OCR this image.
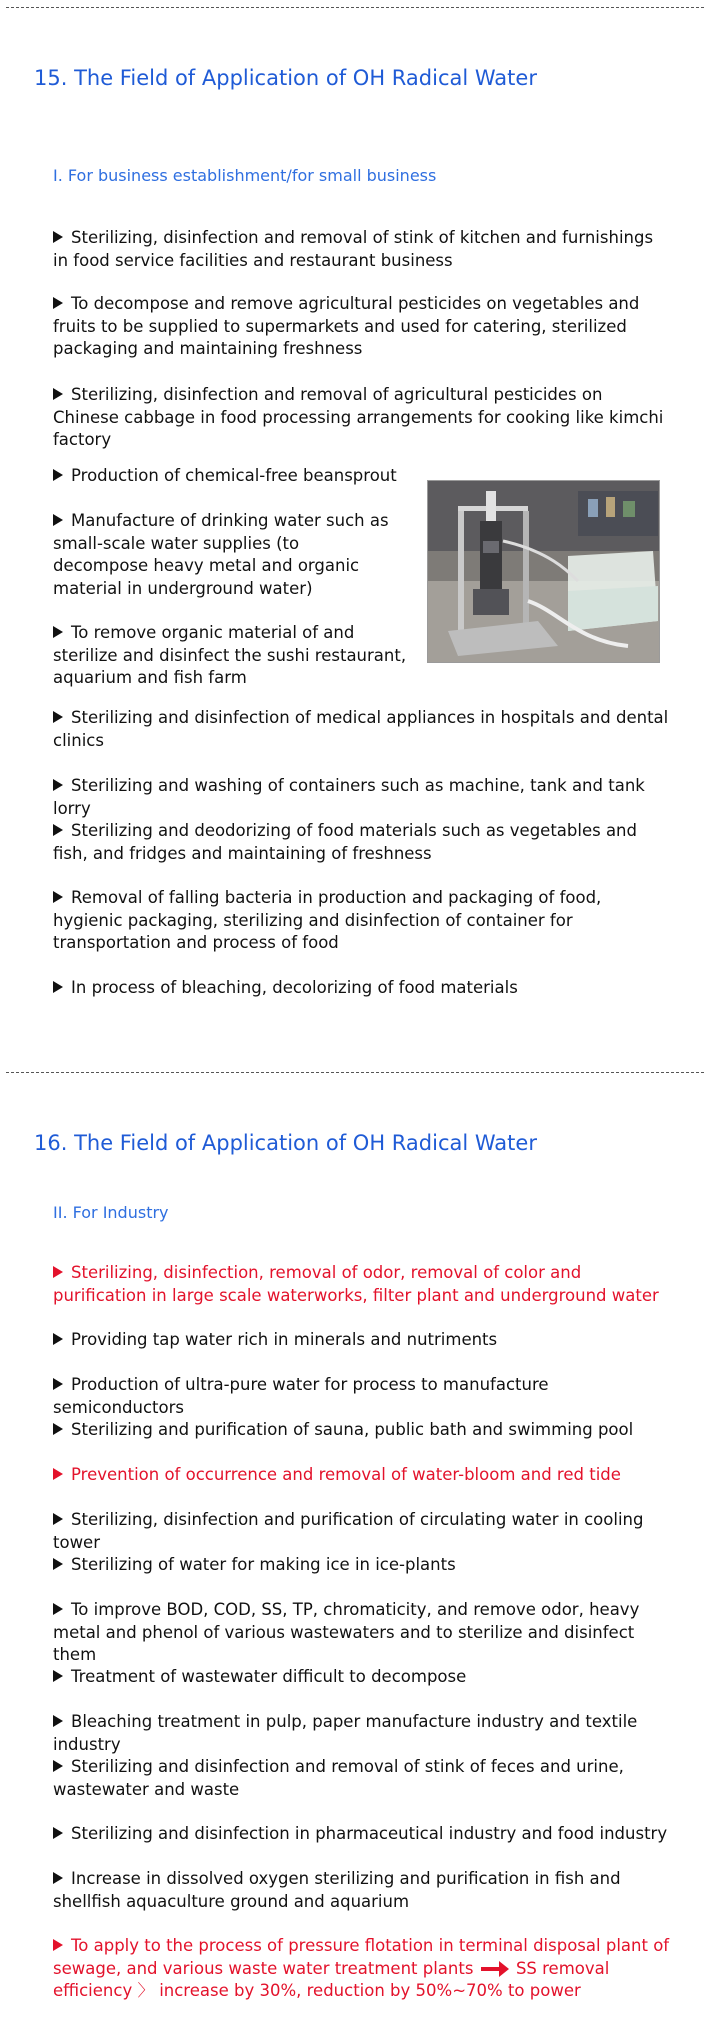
15. The Field of Application of OH Radical Water
I. For business establishment/for small business
Sterilizing, disinfection and removal of stink of kitchen and furnishings in food service facilities and restaurant business
To decompose and remove agricultural pesticides on vegetables and fruits to be supplied to supermarkets and used for catering, sterilized packaging and maintaining freshness
Sterilizing, disinfection and removal of agricultural pesticides on Chinese cabbage in food processing arrangements for cooking like kimchi factory
Production of chemical-free beansprout
Manufacture of drinking water such as small-scale water supplies (to decompose heavy metal and organic material in underground water)
To remove organic material of and sterilize and disinfect the sushi restaurant, aquarium and fish farm
Sterilizing and disinfection of medical appliances in hospitals and dental clinics
Sterilizing and washing of containers such as machine, tank and tank lorry
Sterilizing and deodorizing of food materials such as vegetables and fish, and fridges and maintaining of freshness
Removal of falling bacteria in production and packaging of food, hygienic packaging, sterilizing and disinfection of container for transportation and process of food
In process of bleaching, decolorizing of food materials
16. The Field of Application of OH Radical Water
II. For Industry
Sterilizing, disinfection, removal of odor, removal of color and purification in large scale waterworks, filter plant and underground water
Providing tap water rich in minerals and nutriments
Production of ultra-pure water for process to manufacture semiconductors
Sterilizing and purification of sauna, public bath and swimming pool
Prevention of occurrence and removal of water-bloom and red tide
Sterilizing, disinfection and purification of circulating water in cooling tower
Sterilizing of water for making ice in ice-plants
To improve BOD, COD, SS, TP, chromaticity, and remove odor, heavy metal and phenol of various wastewaters and to sterilize and disinfect them
Treatment of wastewater difficult to decompose
Bleaching treatment in pulp, paper manufacture industry and textile industry
Sterilizing and disinfection and removal of stink of feces and urine, wastewater and waste
Sterilizing and disinfection in pharmaceutical industry and food industry
Increase in dissolved oxygen sterilizing and purification in fish and shellfish aquaculture ground and aquarium
To apply to the process of pressure flotation in terminal disposal plant of sewage, and various waste water treatment plants	SS removal efficiency 〉 increase by 30%, reduction by 50%~70% to power
